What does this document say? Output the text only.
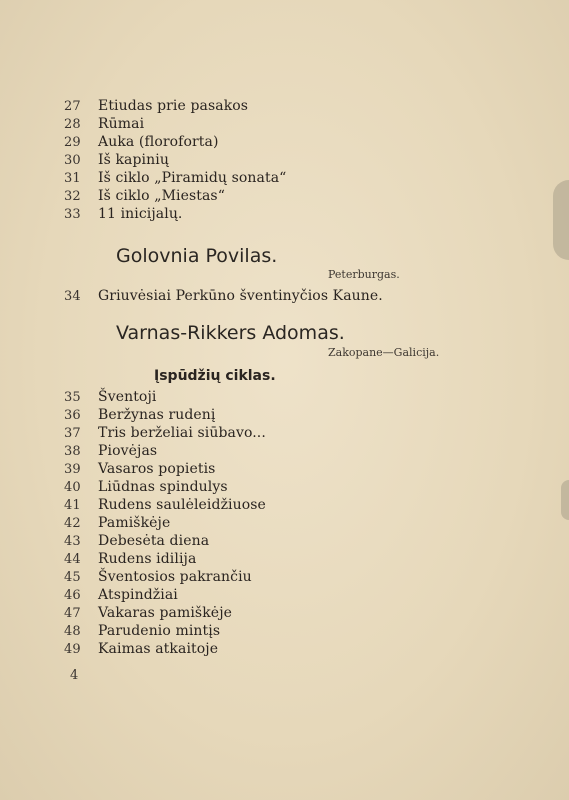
27 Etiudas prie pasakos
28 Rūmai
29 Auka (floroforta)
30 Iš kapinių
31 Iš ciklo „Piramidų sonata“
32 Iš ciklo „Miestas“
33 11 inicijalų.
Golovnia Povilas.
Peterburgas.
34 Griuvėsiai Perkūno šventinyčios Kaune.
Varnas-Rikkers Adomas.
Zakopane—Galicija.
Įspūdžių ciklas.
35 Šventoji
36 Beržynas rudenį
37 Tris berželiai siūbavo...
38 Piovėjas
39 Vasaros popietis
40 Liūdnas spindulys
41 Rudens saulėleidžiuose
42 Pamiškėje
43 Debesėta diena
44 Rudens idilija
45 Šventosios pakrančiu
46 Atspindžiai
47 Vakaras pamiškėje
48 Parudenio mintįs
49 Kaimas atkaitoje
4
